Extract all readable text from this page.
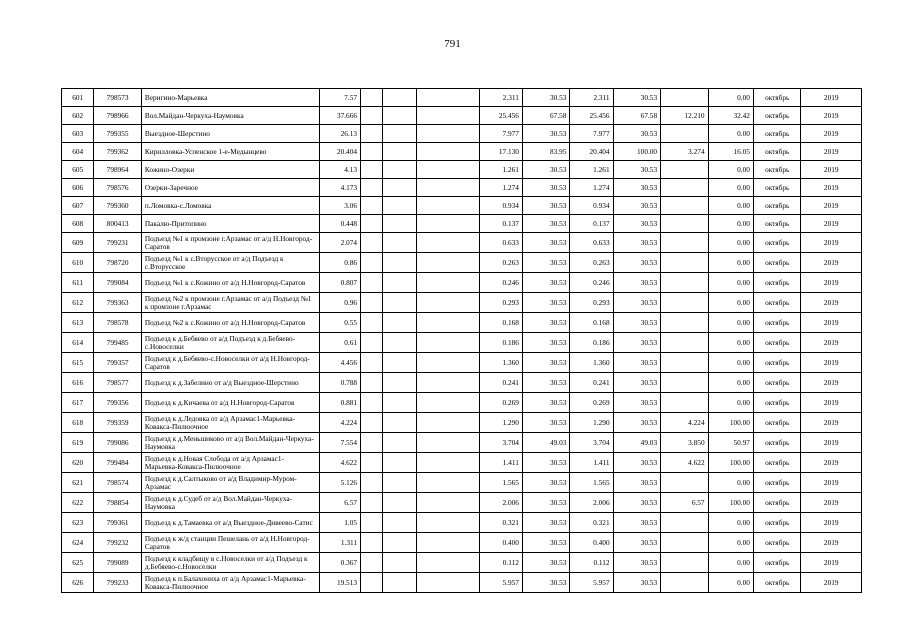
791
601	798573	Веригино-Марьевка	7.57				2.311	30.53	2.311	30.53		0.00	октябрь	2019
602	798966	Вол.Майдан-Черкуха-Наумовка	37.666				25.456	67.58	25.456	67.58	12.210	32.42	октябрь	2019
603	799355	Выездное-Шерстино	26.13				7.977	30.53	7.977	30.53		0.00	октябрь	2019
604	799362	Кирилловка-Успенское 1-е-Медынцево	20.404				17.130	83.95	20.404	100.00	3.274	16.05	октябрь	2019
605	798964	Кожино-Озерки	4.13				1.261	30.53	1.261	30.53		0.00	октябрь	2019
606	798576	Озерки-Заречное	4.173				1.274	30.53	1.274	30.53		0.00	октябрь	2019
607	799360	п.Ломовка-с.Ломовка	3.06				0.934	30.53	0.934	30.53		0.00	октябрь	2019
608	800413	Пакалю-Притопино	0.448				0.137	30.53	0.137	30.53		0.00	октябрь	2019
609	799231	Подъезд №1 к промзоне г.Арзамас от а/д Н.Новгород-Саратов	2.074				0.633	30.53	0.633	30.53		0.00	октябрь	2019
610	798720	Подъезд №1 к с.Вторусское от а/д Подъезд к с.Вторусское	0.86				0.263	30.53	0.263	30.53		0.00	октябрь	2019
611	799084	Подъезд №1 к с.Кожино от а/д Н.Новгород-Саратов	0.807				0.246	30.53	0.246	30.53		0.00	октябрь	2019
612	799363	Подъезд №2 к промзоне г.Арзамас от а/д Подъезд №1 к промзоне г.Арзамас	0.96				0.293	30.53	0.293	30.53		0.00	октябрь	2019
613	798578	Подъезд №2 к с.Кожино от а/д Н.Новгород-Саратов	0.55				0.168	30.53	0.168	30.53		0.00	октябрь	2019
614	799485	Подъезд к д.Бебяево от а/д Подъезд к д.Бебяево-с.Новоселки	0.61				0.186	30.53	0.186	30.53		0.00	октябрь	2019
615	799357	Подъезд к д.Бебяево-с.Новоселки от а/д Н.Новгород-Саратов	4.456				1.360	30.53	1.360	30.53		0.00	октябрь	2019
616	798577	Подъезд к д.Забелино от а/д Выездное-Шерстино	0.788				0.241	30.53	0.241	30.53		0.00	октябрь	2019
617	799356	Подъезд к д.Кичаева от а/д Н.Новгород-Саратов	0.881				0.269	30.53	0.269	30.53		0.00	октябрь	2019
618	799359	Подъезд к д.Ледовка от а/д Арзамас1-Марьевка-Ковакса-Пилюочное	4.224				1.290	30.53	1.290	30.53	4.224	100.00	октябрь	2019
619	799086	Подъезд к д.Меньшиково от а/д Вол.Майдан-Черкуха-Наумовка	7.554				3.704	49.03	3.704	49.03	3.850	50.97	октябрь	2019
620	799484	Подъезд к д.Новая Слобода от а/д Арзамас1-Марьевка-Ковакса-Пилюочное	4.622				1.411	30.53	1.411	30.53	4.622	100.00	октябрь	2019
621	798574	Подъезд к д.Салтыково от а/д Владимир-Муром-Арзамас	5.126				1.565	30.53	1.565	30.53		0.00	октябрь	2019
622	798854	Подъезд к д.Судеб от а/д Вол.Майдан-Черкуха-Наумовка	6.57				2.006	30.53	2.006	30.53	6.57	100.00	октябрь	2019
623	799361	Подъезд к д.Тамаевка от а/д Выездное-Дивеево-Сатис	1.05				0.321	30.53	0.321	30.53		0.00	октябрь	2019
624	799232	Подъезд к ж/д станции Пешелань от а/д Н.Новгород-Саратов	1.311				0.400	30.53	0.400	30.53		0.00	октябрь	2019
625	799089	Подъезд к кладбищу в с.Новоселки от а/д Подъезд к д.Бебяево-с.Новоселки	0.367				0.112	30.53	0.112	30.53		0.00	октябрь	2019
626	799233	Подъезд к п.Балахониха от а/д Арзамас1-Марьевка-Ковакса-Пилюочное	19.513				5.957	30.53	5.957	30.53		0.00	октябрь	2019
